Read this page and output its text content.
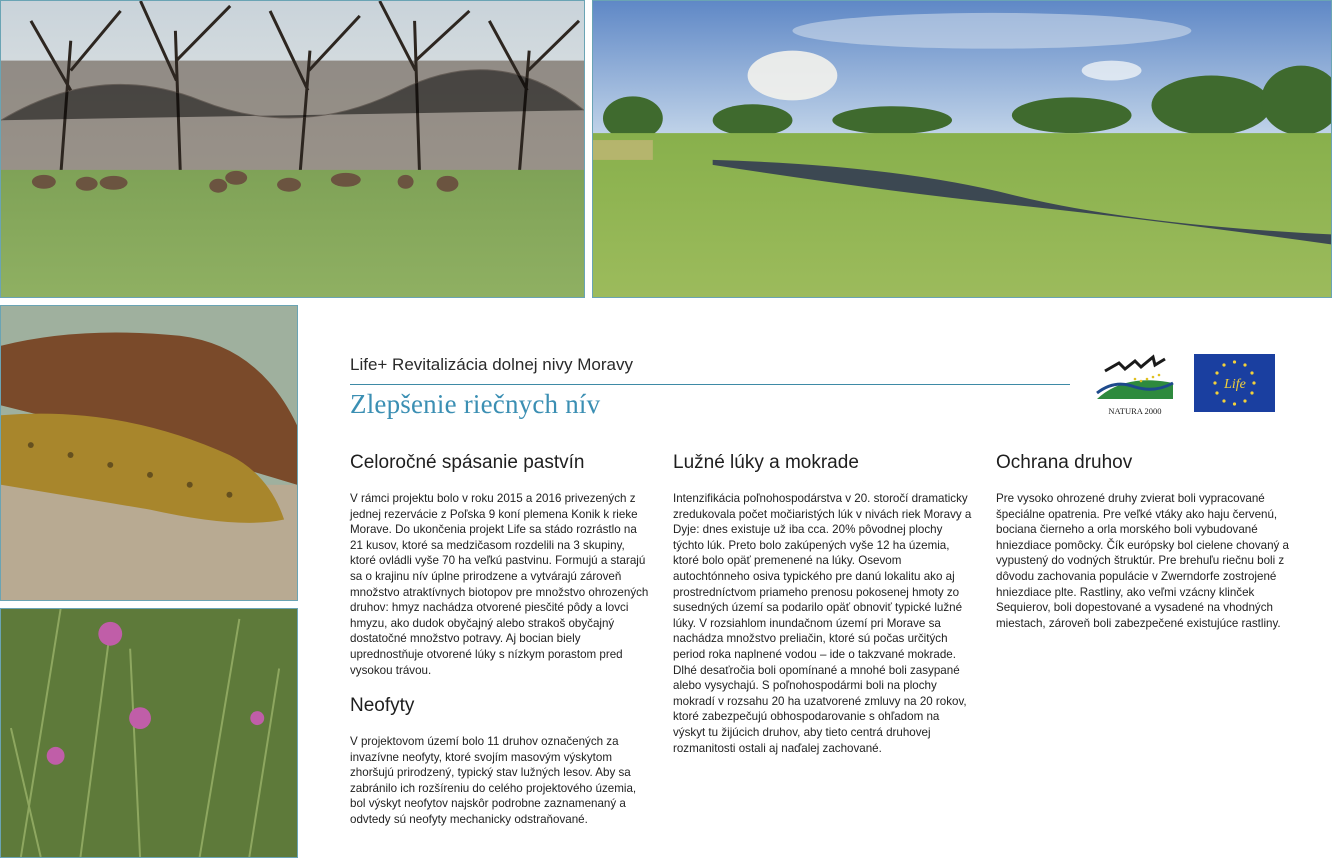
Life+ Revitalizácia dolnej nivy Moravy
Zlepšenie riečnych nív	NATURA 2000
Life
Celoročné spásanie pastvín

V rámci projektu bolo v roku 2015 a 2016 privezených z jednej rezervácie z Poľska 9 koní plemena Konik k rieke Morave. Do ukončenia projekt Life sa stádo rozrástlo na 21 kusov, ktoré sa medzičasom rozdelili na 3 skupiny, ktoré ovládli vyše 70 ha veľkú pastvinu. Formujú a starajú sa o krajinu nív úplne prirodzene a vytvárajú zároveň množstvo atraktívnych biotopov pre množstvo ohrozených druhov: hmyz nachádza otvorené piesčité pôdy a lovci hmyzu, ako dudok obyčajný alebo strakoš obyčajný dostatočné množstvo potravy. Aj bocian biely uprednostňuje otvorené lúky s nízkym porastom pred vysokou trávou.

Neofyty

V projektovom území bolo 11 druhov označených za invazívne neofyty, ktoré svojím masovým výskytom zhoršujú prirodzený, typický stav lužných lesov. Aby sa zabránilo ich rozšíreniu do celého projektového územia, bol výskyt neofytov najskôr podrobne zaznamenaný a odvtedy sú neofyty mechanicky odstraňované.

Lužné lúky a mokrade

Intenzifikácia poľnohospodárstva v 20. storočí dramaticky zredukovala počet močiaristých lúk v nivách riek Moravy a Dyje: dnes existuje už iba cca. 20% pôvodnej plochy týchto lúk. Preto bolo zakúpených vyše 12 ha územia, ktoré bolo opäť premenené na lúky. Osevom autochtónneho osiva typického pre danú lokalitu ako aj prostredníctvom priameho prenosu pokosenej hmoty zo susedných území sa podarilo opäť obnoviť typické lužné lúky. V rozsiahlom inundačnom území pri Morave sa nachádza množstvo preliačin, ktoré sú počas určitých period roka naplnené vodou – ide o takzvané mokrade. Dlhé desaťročia boli opomínané a mnohé boli zasypané alebo vysychajú. S poľnohospodármi boli na plochy mokradí v rozsahu 20 ha uzatvorené zmluvy na 20 rokov, ktoré zabezpečujú obhospodarovanie s ohľadom na výskyt tu žijúcich druhov, aby tieto centrá druhovej rozmanitosti ostali aj naďalej zachované.

Ochrana druhov

Pre vysoko ohrozené druhy zvierat boli vypracované špeciálne opatrenia. Pre veľké vtáky ako haju červenú, bociana čierneho a orla morského boli vybudované hniezdiace pomôcky. Čík európsky bol cielene chovaný a vypustený do vodných štruktúr. Pre brehuľu riečnu boli z dôvodu zachovania populácie v Zwerndorfe zostrojené hniezdiace plte. Rastliny, ako veľmi vzácny klinček Sequierov, boli dopestované a vysadené na vhodných miestach, zároveň boli zabezpečené existujúce rastliny.
